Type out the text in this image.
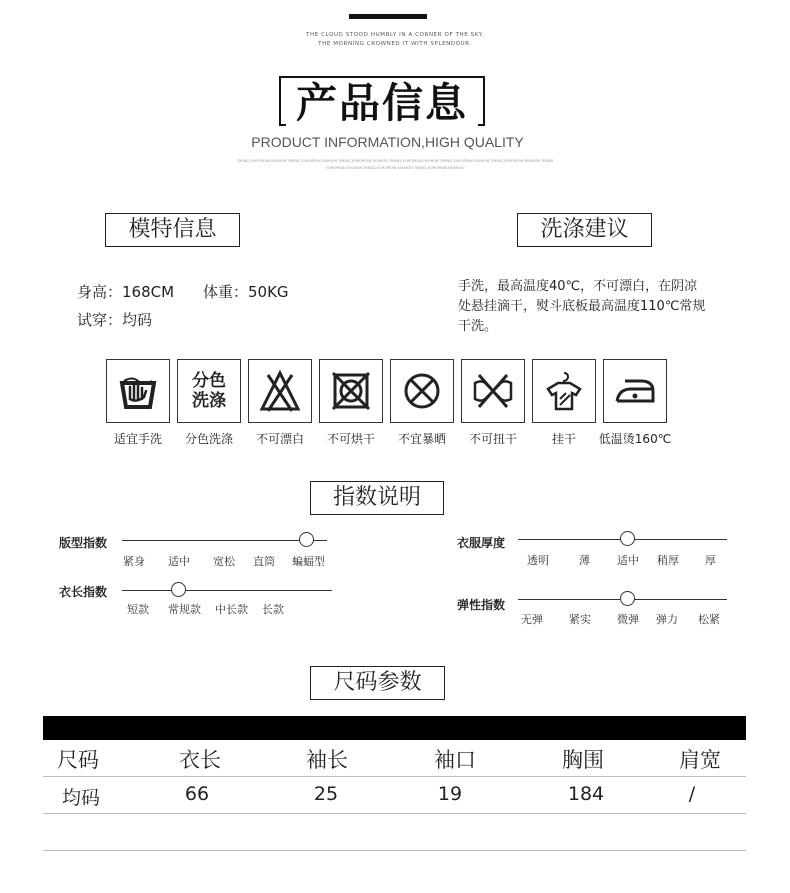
THE CLOUD STOOD HUMBLY IN A CORNER OF THE SKY.
THE MORNING CROWNED IT WITH SPLENDOUR.
产品信息
PRODUCT INFORMATION,HIGH QUALITY
TREND_EUROPEAN FASHION TREND_EUROPEAN FASHION TREND_EUROPEAN FASHION TREND_EUROPEAN FASHION TREND_EUROPEAN FASHION TREND_EUROPEAN FASHION TREND
EUROPEAN FASHION TREND_EUROPEAN FASHION TREND_EUROPEAN FASHION
模特信息
身高：168CM 体重：50KG
试穿：均码
洗涤建议
手洗，最高温度40℃，不可漂白，在阴凉处悬挂滴干，熨斗底板最高温度110℃常规干洗。
分色
洗涤
适宜手洗	分色洗涤	不可漂白	不可烘干	不宜暴晒	不可扭干	挂干	低温烫160℃
指数说明
版型指数
紧身 适中 宽松 直筒 蝙蝠型
衣长指数
短款 常规款 中长款 长款
衣服厚度
透明	薄 适中 稍厚 厚
弹性指数
无弹 紧实 微弹 弹力 松紧
尺码参数
尺码	衣长	袖长	袖口	胸围	肩宽
均码	66	25	19	184	/
